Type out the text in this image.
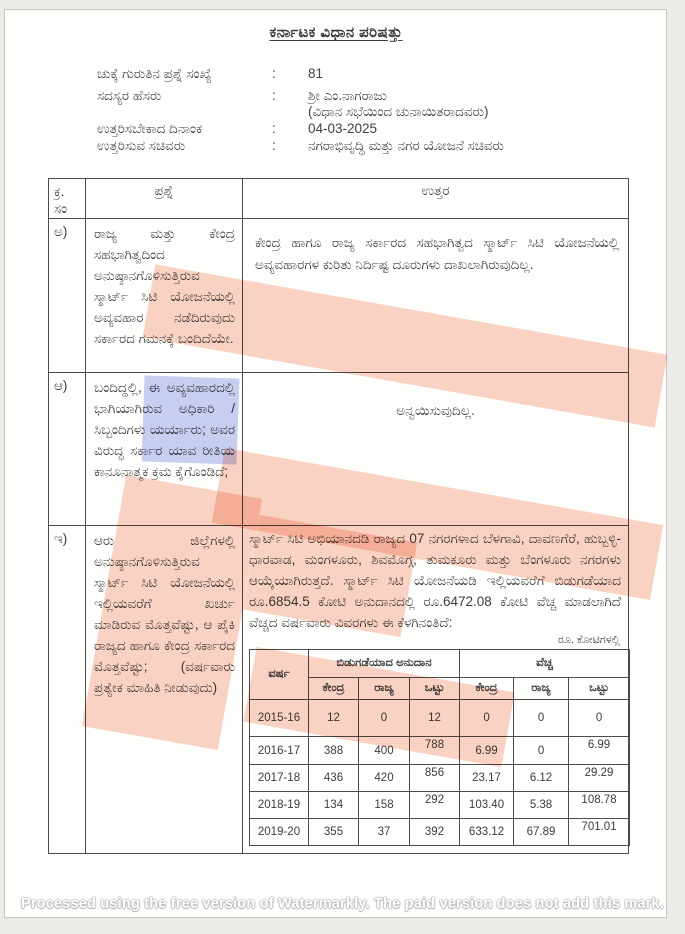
ಕರ್ನಾಟಕ ವಿಧಾನ ಪರಿಷತ್ತು
ಚುಕ್ಕೆ ಗುರುತಿನ ಪ್ರಶ್ನೆ ಸಂಖ್ಯೆ	: 81
ಸದಸ್ಯರ ಹೆಸರು	: ಶ್ರೀ ಎಂ.ನಾಗರಾಜು
(ವಿಧಾನ ಸಭೆಯಿಂದ ಚುನಾಯಿತರಾದವರು)
ಉತ್ತರಿಸಬೇಕಾದ ದಿನಾಂಕ	: 04-03-2025
ಉತ್ತರಿಸುವ ಸಚಿವರು	: ನಗರಾಭಿವೃದ್ಧಿ ಮತ್ತು ನಗರ ಯೋಜನೆ ಸಚಿವರು
ಕ್ರ.
ಸಂ	ಪ್ರಶ್ನೆ	ಉತ್ತರ
ಅ)	ರಾಜ್ಯ ಮತ್ತು ಕೇಂದ್ರ ಸಹಭಾಗಿತ್ವದಿಂದ ಅನುಷ್ಠಾನಗೊಳಿಸುತ್ತಿರುವ ಸ್ಮಾರ್ಟ್ ಸಿಟಿ ಯೋಜನೆಯಲ್ಲಿ ಅವ್ಯವಹಾರ ನಡೆದಿರುವುದು ಸರ್ಕಾರದ ಗಮನಕ್ಕೆ ಬಂದಿದೆಯೇ.	ಕೇಂದ್ರ ಹಾಗೂ ರಾಜ್ಯ ಸರ್ಕಾರದ ಸಹಭಾಗಿತ್ವದ ಸ್ಮಾರ್ಟ್ ಸಿಟಿ ಯೋಜನೆಯಲ್ಲಿ ಅವ್ಯವಹಾರಗಳ ಕುರಿತು ನಿರ್ದಿಷ್ಟ ದೂರುಗಳು ದಾಖಲಾಗಿರುವುದಿಲ್ಲ.
ಆ)	ಬಂದಿದ್ದಲ್ಲಿ, ಈ ಅವ್ಯವಹಾರದಲ್ಲಿ ಭಾಗಿಯಾಗಿರುವ ಅಧಿಕಾರಿ /ಸಿಬ್ಬಂದಿಗಳು ಯರ್ಯಾರು; ಅವರ ವಿರುದ್ಧ ಸರ್ಕಾರ ಯಾವ ರೀತಿಯ ಕಾನೂನಾತ್ಮಕ ಕ್ರಮ ಕೈಗೊಂಡಿದೆ;	ಅನ್ವಯಿಸುವುದಿಲ್ಲ.
ಇ)	ಆರು ಜಿಲ್ಲೆಗಳಲ್ಲಿ ಅನುಷ್ಠಾನಗೊಳಿಸುತ್ತಿರುವ ಸ್ಮಾರ್ಟ್ ಸಿಟಿ ಯೋಜನೆಯಲ್ಲಿ ಇಲ್ಲಿಯವರೆಗೆ ಖರ್ಚು ಮಾಡಿರುವ ಮೊತ್ತವೆಷ್ಟು, ಆ ಪೈಕಿ ರಾಜ್ಯದ ಹಾಗೂ ಕೇಂದ್ರ ಸರ್ಕಾರದ ಮೊತ್ತವೆಷ್ಟು; (ವರ್ಷವಾರು ಪ್ರತ್ಯೇಕ ಮಾಹಿತಿ ನೀಡುವುದು)	
ಸ್ಮಾರ್ಟ್ ಸಿಟಿ ಅಭಿಯಾನದಡಿ ರಾಜ್ಯದ 07 ನಗರಗಳಾದ ಬೆಳಗಾವಿ, ದಾವಣಗೆರೆ, ಹುಬ್ಬಳ್ಳಿ-ಧಾರವಾಡ, ಮಂಗಳೂರು, ಶಿವಮೊಗ್ಗ, ತುಮಕೂರು ಮತ್ತು ಬೆಂಗಳೂರು ನಗರಗಳು ಆಯ್ಕೆಯಾಗಿರುತ್ತದೆ. ಸ್ಮಾರ್ಟ್ ಸಿಟಿ ಯೋಜನೆಯಡಿ ಇಲ್ಲಿಯವರೆಗೆ ಬಿಡುಗಡೆಯಾದ ರೂ.6854.5 ಕೋಟಿ ಅನುದಾನದಲ್ಲಿ ರೂ.6472.08 ಕೋಟಿ ವೆಚ್ಚ ಮಾಡಲಾಗಿದೆ ವೆಚ್ಚದ ವರ್ಷವಾರು ವಿವರಗಳು ಈ ಕೆಳಗಿನಂತಿದೆ:
ರೂ. ಕೋಟಿಗಳಲ್ಲಿ
ವರ್ಷ	ಬಿಡುಗಡೆಯಾದ ಅನುದಾನ	ವೆಚ್ಚ
ಕೇಂದ್ರ	ರಾಜ್ಯ	ಒಟ್ಟು	ಕೇಂದ್ರ	ರಾಜ್ಯ	ಒಟ್ಟು
2015-16	12	0	12	0	0	0
2016-17	388	400	788	6.99	0	6.99
2017-18	436	420	856	23.17	6.12	29.29
2018-19	134	158	292	103.40	5.38	108.78
2019-20	355	37	392	633.12	67.89	701.01
Processed using the free version of Watermarkly. The paid version does not add this mark.
